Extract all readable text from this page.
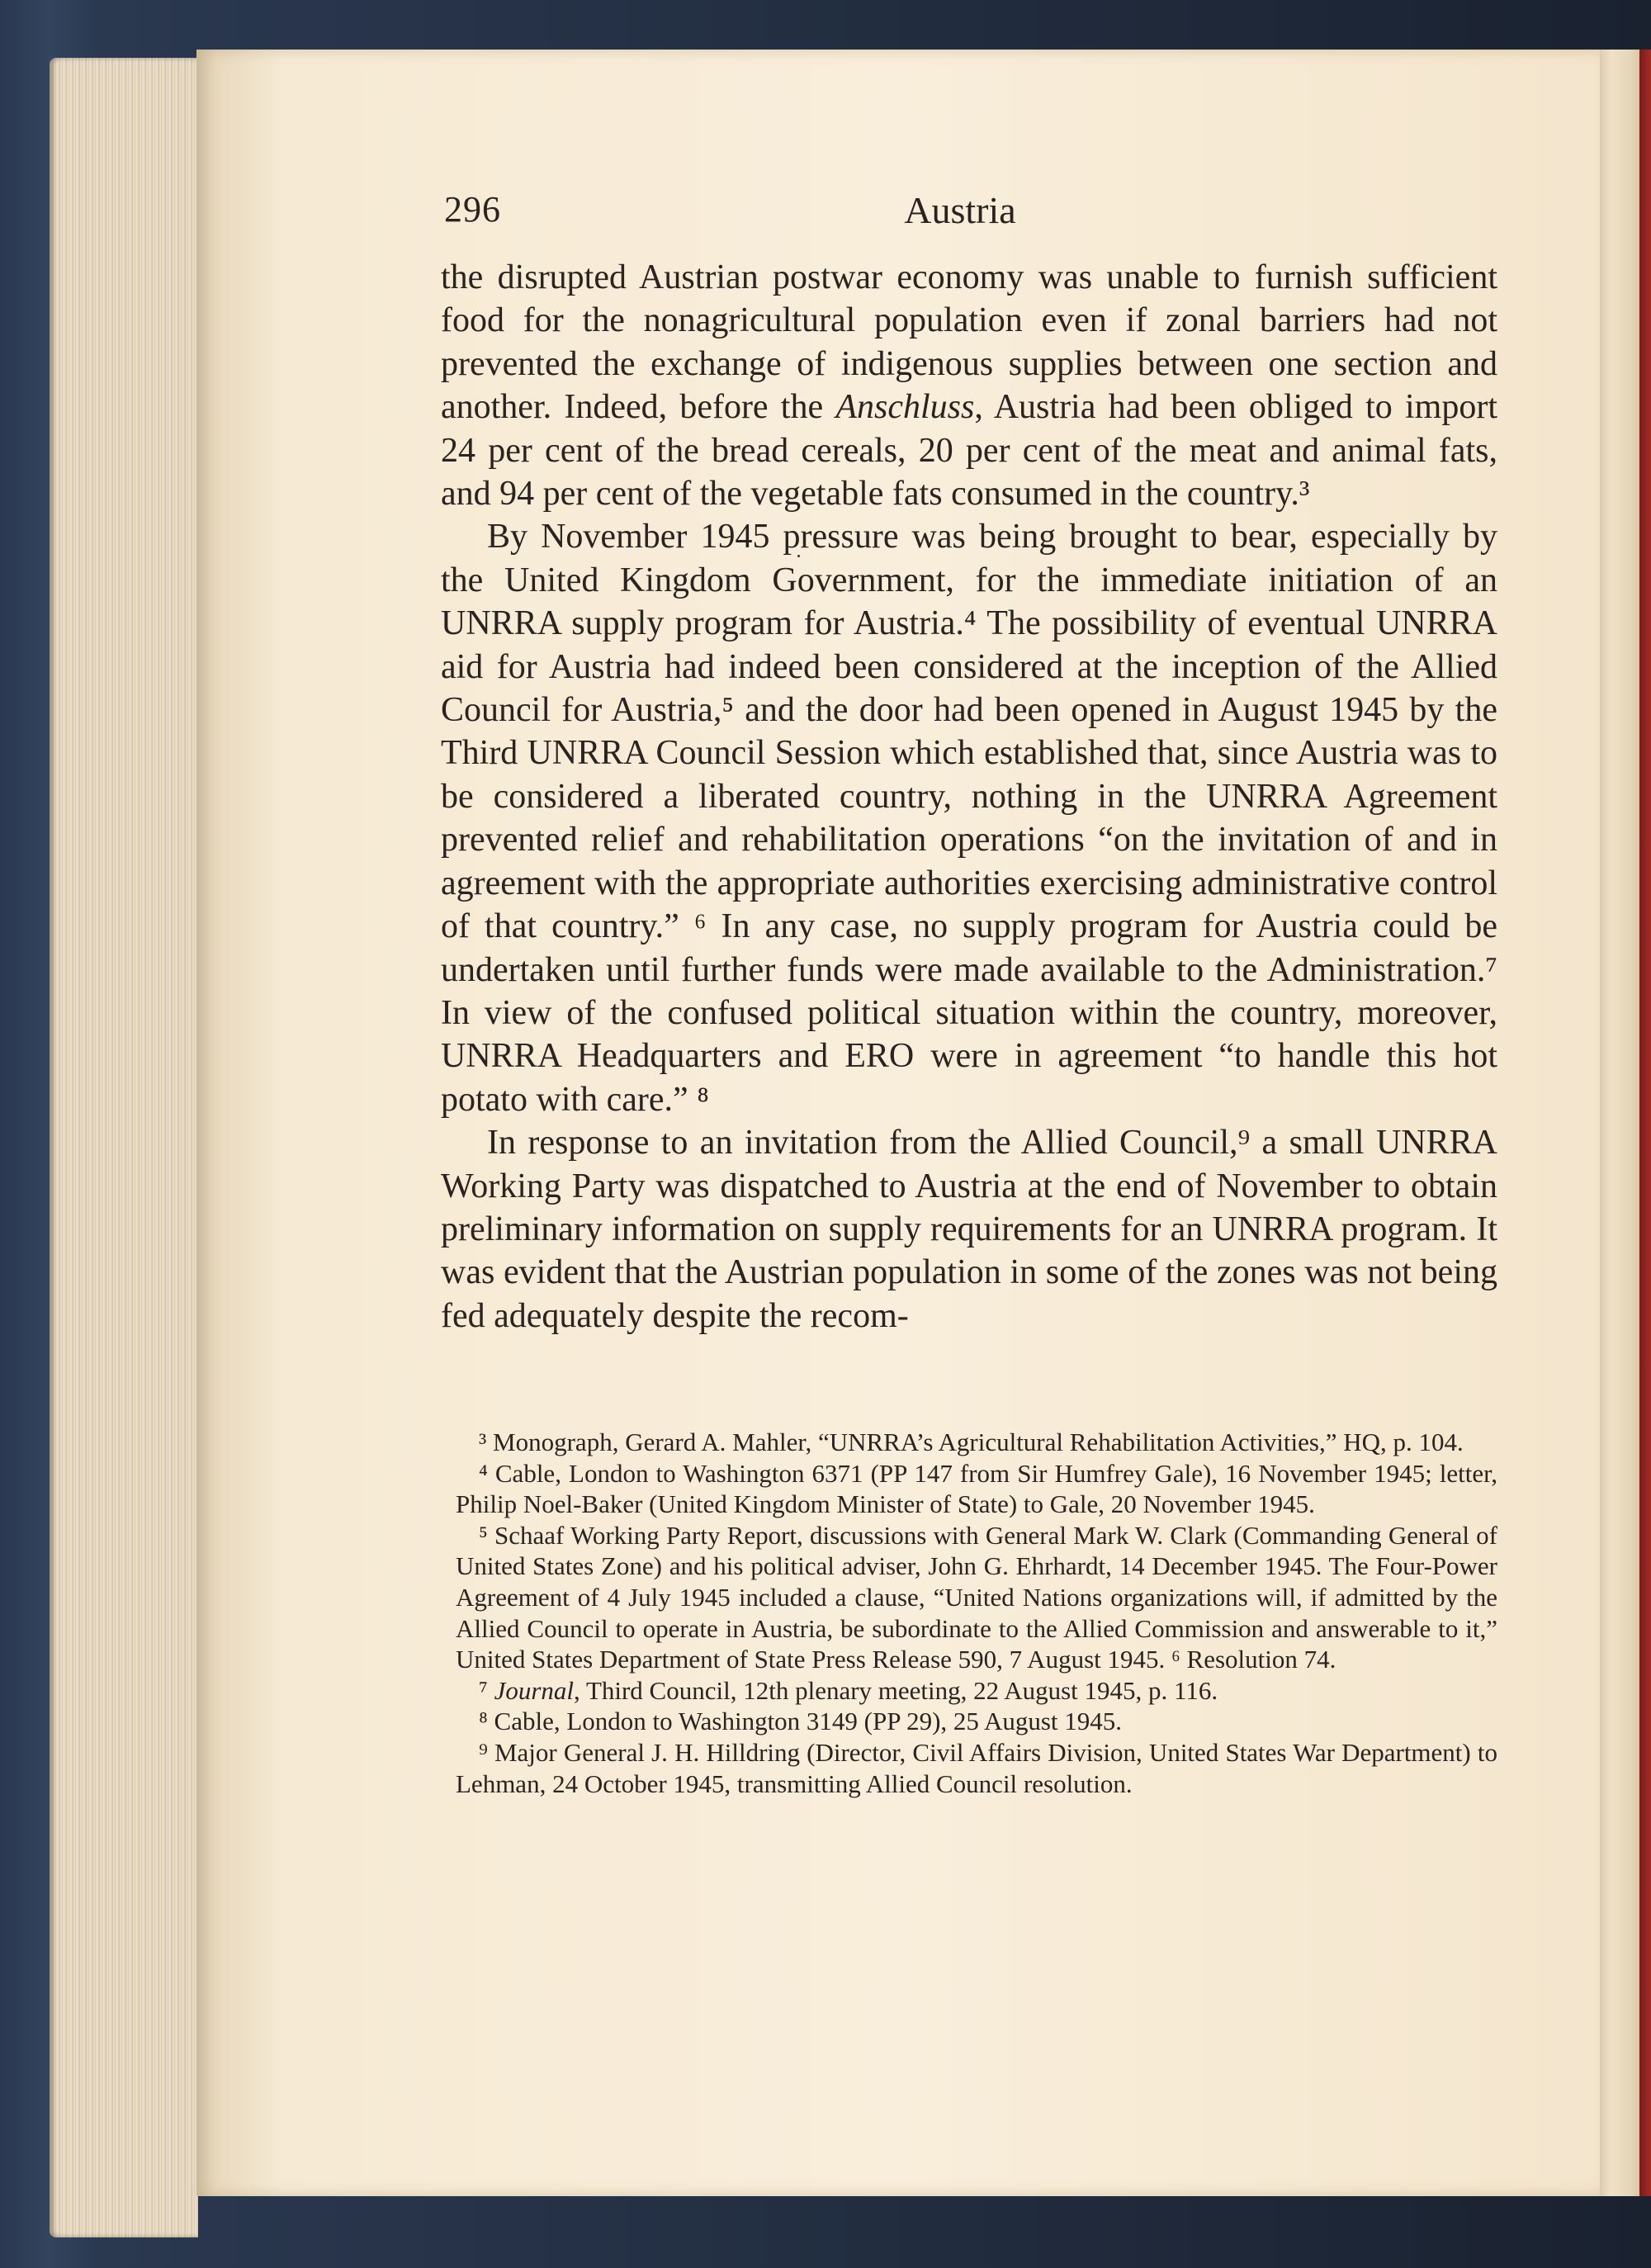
296	Austria

the disrupted Austrian postwar economy was unable to furnish sufficient food for the nonagricultural population even if zonal barriers had not prevented the exchange of indigenous supplies between one section and another. Indeed, before the Anschluss, Austria had been obliged to import 24 per cent of the bread cereals, 20 per cent of the meat and animal fats, and 94 per cent of the vegetable fats consumed in the country.³

By November 1945 pressure was being brought to bear, especially by the United Kingdom Government, for the immediate initiation of an UNRRA supply program for Austria.⁴ The possibility of eventual UNRRA aid for Austria had indeed been considered at the inception of the Allied Council for Austria,⁵ and the door had been opened in August 1945 by the Third UNRRA Council Session which established that, since Austria was to be considered a liberated country, nothing in the UNRRA Agreement prevented relief and rehabilitation operations “on the invitation of and in agreement with the appropriate authorities exercising administrative control of that country.” ⁶ In any case, no supply program for Austria could be undertaken until further funds were made available to the Administration.⁷ In view of the confused political situation within the country, moreover, UNRRA Headquarters and ERO were in agreement “to handle this hot potato with care.” ⁸

In response to an invitation from the Allied Council,⁹ a small UNRRA Working Party was dispatched to Austria at the end of November to obtain preliminary information on supply requirements for an UNRRA program. It was evident that the Austrian population in some of the zones was not being fed adequately despite the recom-

³ Monograph, Gerard A. Mahler, “UNRRA’s Agricultural Rehabilitation Activities,” HQ, p. 104.

⁴ Cable, London to Washington 6371 (PP 147 from Sir Humfrey Gale), 16 November 1945; letter, Philip Noel-Baker (United Kingdom Minister of State) to Gale, 20 November 1945.

⁵ Schaaf Working Party Report, discussions with General Mark W. Clark (Commanding General of United States Zone) and his political adviser, John G. Ehrhardt, 14 December 1945. The Four-Power Agreement of 4 July 1945 included a clause, “United Nations organizations will, if admitted by the Allied Council to operate in Austria, be subordinate to the Allied Commission and answerable to it,” United States Department of State Press Release 590, 7 August 1945. ⁶ Resolution 74.

⁷ Journal, Third Council, 12th plenary meeting, 22 August 1945, p. 116.

⁸ Cable, London to Washington 3149 (PP 29), 25 August 1945.

⁹ Major General J. H. Hilldring (Director, Civil Affairs Division, United States War Department) to Lehman, 24 October 1945, transmitting Allied Council resolution.
